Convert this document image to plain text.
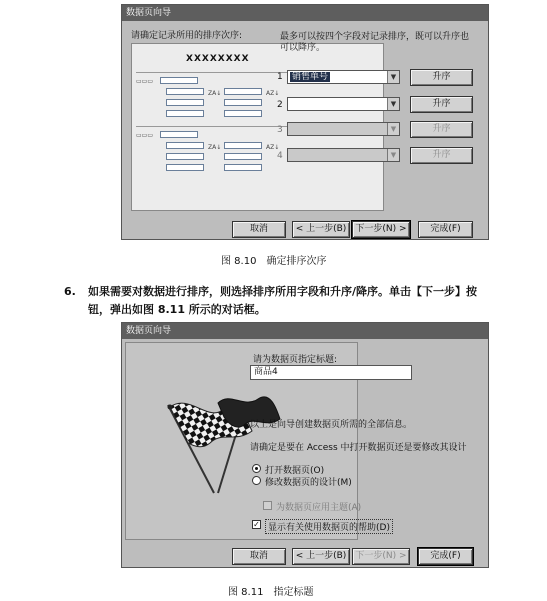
数据页向导
请确定记录所用的排序次序:
XXXXXXXX
▭▭▭
ZA↓	AZ↓
▭▭▭
ZA↓	AZ↓
最多可以按四个字段对记录排序，既可以升序也
可以降序。
1	销售单号	▼	升序
2	▼	升序
3	▼	升序
4	▼	升序
取消	< 上一步(B)	下一步(N) >	完成(F)
图 8.10　确定排序次序
6. 如果需要对数据进行排序，则选择排序所用字段和升序/降序。单击【下一步】按
钮，弹出如图 8.11 所示的对话框。
数据页向导
请为数据页指定标题:
商品4
以上是向导创建数据页所需的全部信息。
请确定是要在 Access 中打开数据页还是要修改其设计
打开数据页(O)
修改数据页的设计(M)
为数据页应用主题(A)
✓ 显示有关使用数据页的帮助(D)
取消	< 上一步(B)	下一步(N) >	完成(F)
图 8.11　指定标题
